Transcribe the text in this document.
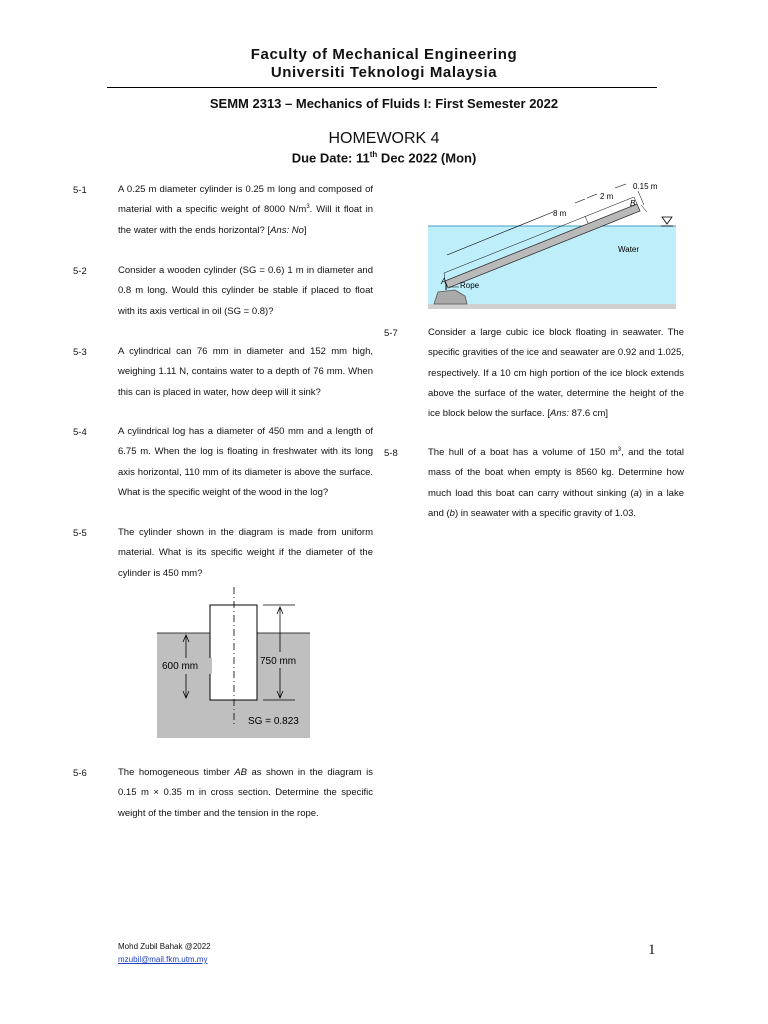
Faculty of Mechanical Engineering
Universiti Teknologi Malaysia
SEMM 2313 – Mechanics of Fluids I: First Semester 2022
HOMEWORK 4
Due Date: 11th Dec 2022 (Mon)
5-1	A 0.25 m diameter cylinder is 0.25 m long and composed of material with a specific weight of 8000 $N/m^3$. Will it float in the water with the ends horizontal? [Ans: No]
5-2	Consider a wooden cylinder (SG = 0.6) 1 m in diameter and 0.8 m long. Would this cylinder be stable if placed to float with its axis vertical in oil (SG = 0.8)?
5-3	A cylindrical can 76 mm in diameter and 152 mm high, weighing 1.11 N, contains water to a depth of 76 mm. When this can is placed in water, how deep will it sink?
5-4	A cylindrical log has a diameter of 450 mm and a length of 6.75 m. When the log is floating in freshwater with its long axis horizontal, 110 mm of its diameter is above the surface. What is the specific weight of the wood in the log?
5-5	The cylinder shown in the diagram is made from uniform material. What is its specific weight if the diameter of the cylinder is 450 mm?
600 mm	750 mm
SG = 0.823
5-6	The homogeneous timber AB as shown in the diagram is 0.15 m × 0.35 m in cross section. Determine the specific weight of the timber and the tension in the rope.
8 m
2 m
0.15 m
B
A Rope
Water
5-7	Consider a large cubic ice block floating in seawater. The specific gravities of the ice and seawater are 0.92 and 1.025, respectively. If a 10 cm high portion of the ice block extends above the surface of the water, determine the height of the ice block below the surface. [Ans: 87.6 cm]
5-8	The hull of a boat has a volume of 150 $m^3$, and the total mass of the boat when empty is 8560 kg. Determine how much load this boat can carry without sinking (a) in a lake and (b) in seawater with a specific gravity of 1.03.
Mohd Zubil Bahak @2022
mzubil@mail.fkm.utm.my
1
